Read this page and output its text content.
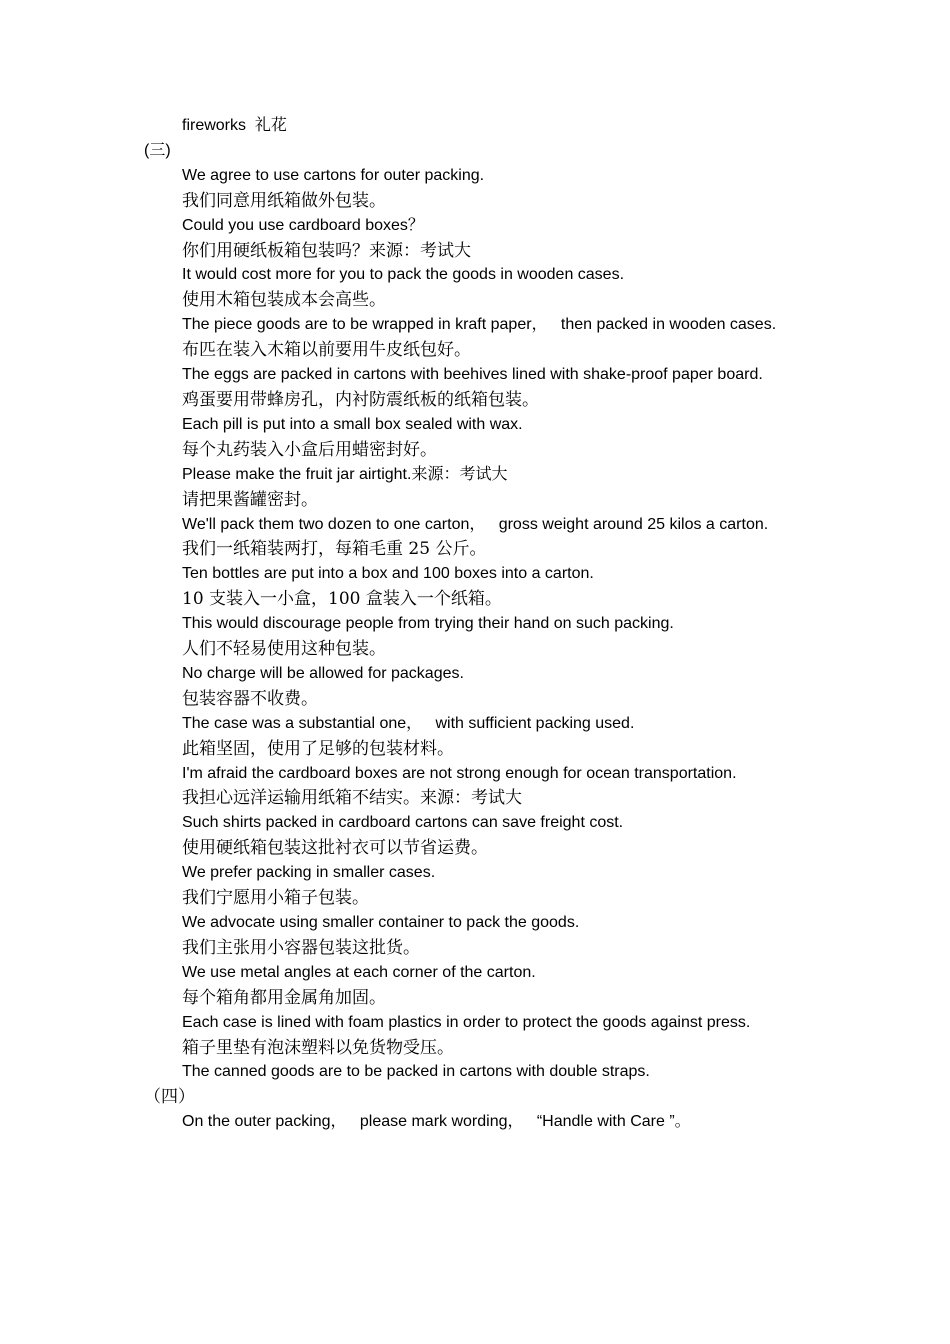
fireworks  礼花

(三)

We agree to use cartons for outer packing.

我们同意用纸箱做外包装。

Could you use cardboard boxes？

你们用硬纸板箱包装吗？来源：考试大

It would cost more for you to pack the goods in wooden cases.

使用木箱包装成本会高些。

The piece goods are to be wrapped in kraft paper，   then packed in wooden cases.

布匹在装入木箱以前要用牛皮纸包好。

The eggs are packed in cartons with beehives lined with shake-proof paper board.

鸡蛋要用带蜂房孔，内衬防震纸板的纸箱包装。

Each pill is put into a small box sealed with wax.

每个丸药装入小盒后用蜡密封好。

Please make the fruit jar airtight.来源：考试大

请把果酱罐密封。

We'll pack them two dozen to one carton，   gross weight around 25 kilos a carton.

我们一纸箱装两打，每箱毛重 25 公斤。

Ten bottles are put into a box and 100 boxes into a carton.

10 支装入一小盒，100 盒装入一个纸箱。

This would discourage people from trying their hand on such packing.

人们不轻易使用这种包装。

No charge will be allowed for packages.

包装容器不收费。

The case was a substantial one，   with sufficient packing used.

此箱坚固，使用了足够的包装材料。

I'm afraid the cardboard boxes are not strong enough for ocean transportation.

我担心远洋运输用纸箱不结实。来源：考试大

Such shirts packed in cardboard cartons can save freight cost.

使用硬纸箱包装这批衬衣可以节省运费。

We prefer packing in smaller cases.

我们宁愿用小箱子包装。

We advocate using smaller container to pack the goods.

我们主张用小容器包装这批货。

We use metal angles at each corner of the carton.

每个箱角都用金属角加固。

Each case is lined with foam plastics in order to protect the goods against press.

箱子里垫有泡沫塑料以免货物受压。

The canned goods are to be packed in cartons with double straps.

（四）

On the outer packing，   please mark wording，   “Handle with Care ”。
